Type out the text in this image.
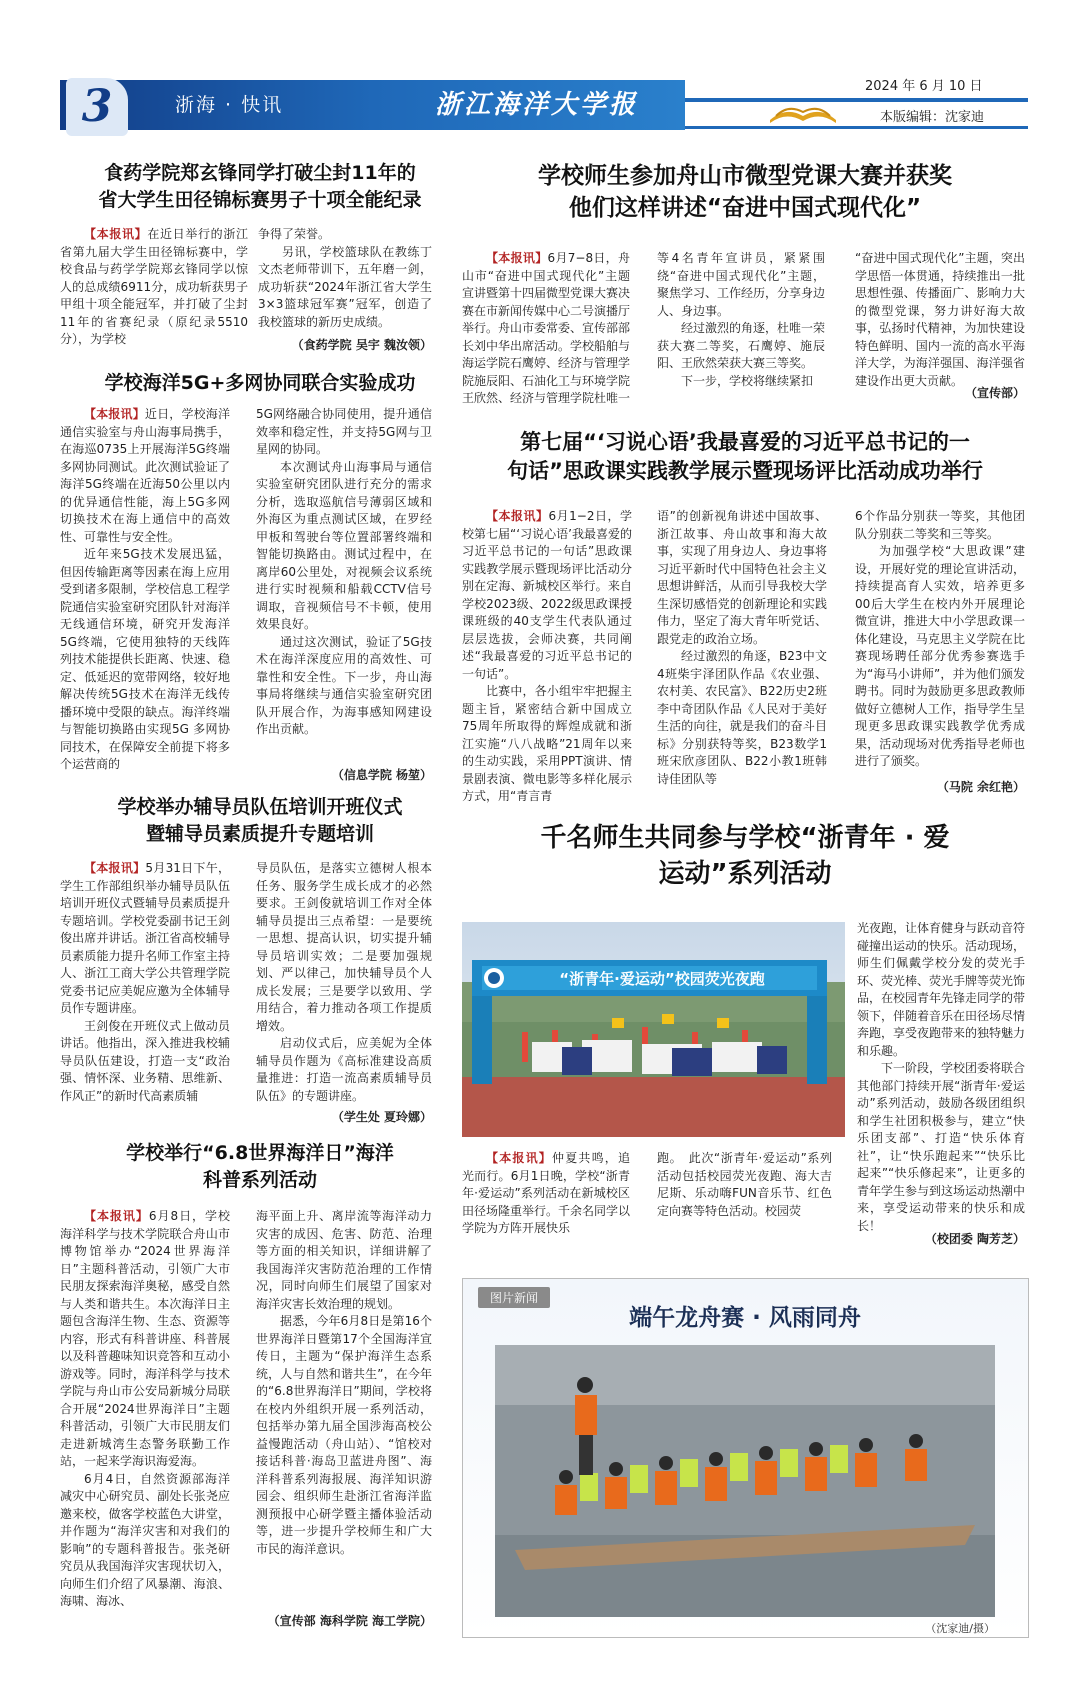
3	浙海 · 快讯	浙江海洋大学报
2024 年 6 月 10 日
本版编辑：沈家迪
食药学院郑玄锋同学打破尘封11年的
省大学生田径锦标赛男子十项全能纪录

【本报讯】在近日举行的浙江省第九届大学生田径锦标赛中，学校食品与药学学院郑玄锋同学以惊人的总成绩6911分，成功斩获男子甲组十项全能冠军，并打破了尘封11年的省赛纪录（原纪录5510分），为学校

争得了荣誉。

另讯，学校篮球队在教练丁文杰老师带训下，五年磨一剑，成功斩获“2024年浙江省大学生3×3篮球冠军赛”冠军，创造了我校篮球的新历史成绩。

（食药学院 吴宇 魏汝领）
学校海洋5G+多网协同联合实验成功

【本报讯】近日，学校海洋通信实验室与舟山海事局携手，在海巡0735上开展海洋5G终端多网协同测试。此次测试验证了海洋5G终端在近海50公里以内的优异通信性能，海上5G多网切换技术在海上通信中的高效性、可靠性与安全性。

近年来5G技术发展迅猛，但因传输距离等因素在海上应用受到诸多限制，学校信息工程学院通信实验室研究团队针对海洋无线通信环境，研究开发海洋5G终端，它使用独特的天线阵列技术能提供长距离、快速、稳定、低延迟的宽带网络，较好地解决传统5G技术在海洋无线传播环境中受限的缺点。海洋终端与智能切换路由实现5G 多网协同技术，在保障安全前提下将多个运营商的

5G网络融合协同使用，提升通信效率和稳定性，并支持5G网与卫星网的协同。

本次测试舟山海事局与通信实验室研究团队进行充分的需求分析，选取巡航信号薄弱区域和外海区为重点测试区域，在罗经甲板和驾驶台等位置部署终端和智能切换路由。测试过程中，在离岸60公里处，对视频会议系统进行实时视频和船载CCTV信号调取，音视频信号不卡顿，使用效果良好。

通过这次测试，验证了5G技术在海洋深度应用的高效性、可靠性和安全性。下一步，舟山海事局将继续与通信实验室研究团队开展合作，为海事感知网建设作出贡献。

（信息学院 杨堃）
学校举办辅导员队伍培训开班仪式
暨辅导员素质提升专题培训

【本报讯】5月31日下午，学生工作部组织举办辅导员队伍培训开班仪式暨辅导员素质提升专题培训。学校党委副书记王剑俊出席并讲话。浙江省高校辅导员素质能力提升名师工作室主持人、浙江工商大学公共管理学院党委书记应美妮应邀为全体辅导员作专题讲座。

王剑俊在开班仪式上做动员讲话。他指出，深入推进我校辅导员队伍建设，打造一支“政治强、情怀深、业务精、思维新、作风正”的新时代高素质辅

导员队伍，是落实立德树人根本任务、服务学生成长成才的必然要求。王剑俊就培训工作对全体辅导员提出三点希望：一是要统一思想、提高认识，切实提升辅导员培训实效；二是要加强规划、严以律己，加快辅导员个人成长发展；三是要学以致用、学用结合，着力推动各项工作提质增效。

启动仪式后，应美妮为全体辅导员作题为《高标准建设高质量推进：打造一流高素质辅导员队伍》的专题讲座。

（学生处 夏玲娜）
学校举行“6.8世界海洋日”海洋
科普系列活动

【本报讯】6月8日，学校海洋科学与技术学院联合舟山市博物馆举办“2024世界海洋日”主题科普活动，引领广大市民朋友探索海洋奥秘，感受自然与人类和谐共生。本次海洋日主题包含海洋生物、生态、资源等内容，形式有科普讲座、科普展以及科普趣味知识竞答和互动小游戏等。同时，海洋科学与技术学院与舟山市公安局新城分局联合开展“2024世界海洋日”主题科普活动，引领广大市民朋友们走进新城湾生态警务联勤工作站，一起来学海识海爱海。

6月4日，自然资源部海洋减灾中心研究员、副处长张尧应邀来校，做客学校蓝色大讲堂，并作题为“海洋灾害和对我们的影响”的专题科普报告。张尧研究员从我国海洋灾害现状切入，向师生们介绍了风暴潮、海浪、海啸、海冰、

海平面上升、离岸流等海洋动力灾害的成因、危害、防范、治理等方面的相关知识，详细讲解了我国海洋灾害防范治理的工作情况，同时向师生们展望了国家对海洋灾害长效治理的规划。

据悉，今年6月8日是第16个世界海洋日暨第17个全国海洋宣传日，主题为“保护海洋生态系统，人与自然和谐共生”，在今年的“6.8世界海洋日”期间，学校将在校内外组织开展一系列活动，包括举办第九届全国涉海高校公益慢跑活动（舟山站）、“馆校对接话科普·海岛卫蓝进舟图”、海洋科普系列海报展、海洋知识游园会、组织师生赴浙江省海洋监测预报中心研学暨主播体验活动等，进一步提升学校师生和广大市民的海洋意识。

（宣传部 海科学院 海工学院）
学校师生参加舟山市微型党课大赛并获奖
他们这样讲述“奋进中国式现代化”

【本报讯】6月7−8日，舟山市“奋进中国式现代化”主题宣讲暨第十四届微型党课大赛决赛在市新闻传媒中心二号演播厅举行。舟山市委常委、宣传部部长刘中华出席活动。学校船舶与海运学院石鹰婷、经济与管理学院施辰阳、石油化工与环境学院王欣然、经济与管理学院杜唯一

等4名青年宣讲员，紧紧围绕“奋进中国式现代化”主题，聚焦学习、工作经历，分享身边人、身边事。

经过激烈的角逐，杜唯一荣获大赛二等奖，石鹰婷、施辰阳、王欣然荣获大赛三等奖。

下一步，学校将继续紧扣

“奋进中国式现代化”主题，突出学思悟一体贯通，持续推出一批思想性强、传播面广、影响力大的微型党课，努力讲好海大故事，弘扬时代精神，为加快建设特色鲜明、国内一流的高水平海洋大学，为海洋强国、海洋强省建设作出更大贡献。

（宣传部）
第七届“‘习说心语’我最喜爱的习近平总书记的一
句话”思政课实践教学展示暨现场评比活动成功举行

【本报讯】6月1−2日，学校第七届“‘习说心语’我最喜爱的习近平总书记的一句话”思政课实践教学展示暨现场评比活动分别在定海、新城校区举行。来自学校2023级、2022级思政课授课班级的40支学生代表队通过层层选拔，会师决赛，共同阐述“我最喜爱的习近平总书记的一句话”。

比赛中，各小组牢牢把握主题主旨，紧密结合新中国成立75周年所取得的辉煌成就和浙江实施“八八战略”21周年以来的生动实践，采用PPT演讲、情景剧表演、微电影等多样化展示方式，用“青言青

语”的创新视角讲述中国故事、浙江故事、舟山故事和海大故事，实现了用身边人、身边事将习近平新时代中国特色社会主义思想讲鲜活，从而引导我校大学生深切感悟党的创新理论和实践伟力，坚定了海大青年听党话、跟党走的政治立场。

经过激烈的角逐，B23中文4班柴宇泽团队作品《农业强、农村美、农民富》、B22历史2班李中奇团队作品《人民对于美好生活的向往，就是我们的奋斗目标》分别获特等奖，B23数学1班宋欣彦团队、B22小教1班韩诗佳团队等

6个作品分别获一等奖，其他团队分别获二等奖和三等奖。

为加强学校“大思政课”建设，开展好党的理论宣讲活动，持续提高育人实效，培养更多00后大学生在校内外开展理论微宣讲，推进大中小学思政课一体化建设，马克思主义学院在比赛现场聘任部分优秀参赛选手为“海马小讲师”，并为他们颁发聘书。同时为鼓励更多思政教师做好立德树人工作，指导学生呈现更多思政课实践教学优秀成果，活动现场对优秀指导老师也进行了颁奖。

（马院 余红艳）
千名师生共同参与学校“浙青年 · 爱
运动”系列活动
“浙青年·爱运动”校园荧光夜跑

【本报讯】仲夏共鸣，追光而行。6月1日晚，学校“浙青年·爱运动”系列活动在新城校区田径场隆重举行。千余名同学以学院为方阵开展快乐

跑。　此次“浙青年·爱运动”系列活动包括校园荧光夜跑、海大吉尼斯、乐动嗨FUN音乐节、红色定向赛等特色活动。校园荧

光夜跑，让体育健身与跃动音符碰撞出运动的快乐。活动现场，师生们佩戴学校分发的荧光手环、荧光棒、荧光手牌等荧光饰品，在校园青年先锋走同学的带领下，伴随着音乐在田径场尽情奔跑，享受夜跑带来的独特魅力和乐趣。

下一阶段，学校团委将联合其他部门持续开展“浙青年·爱运动”系列活动，鼓励各级团组织和学生社团积极参与，建立“快乐团支部”、打造“快乐体育社”，让“快乐跑起来”“快乐比起来”“快乐修起来”，让更多的青年学生参与到这场运动热潮中来，享受运动带来的快乐和成长！

（校团委 陶芳芝）
图片新闻
端午龙舟赛 · 风雨同舟
（沈家迪/摄）
